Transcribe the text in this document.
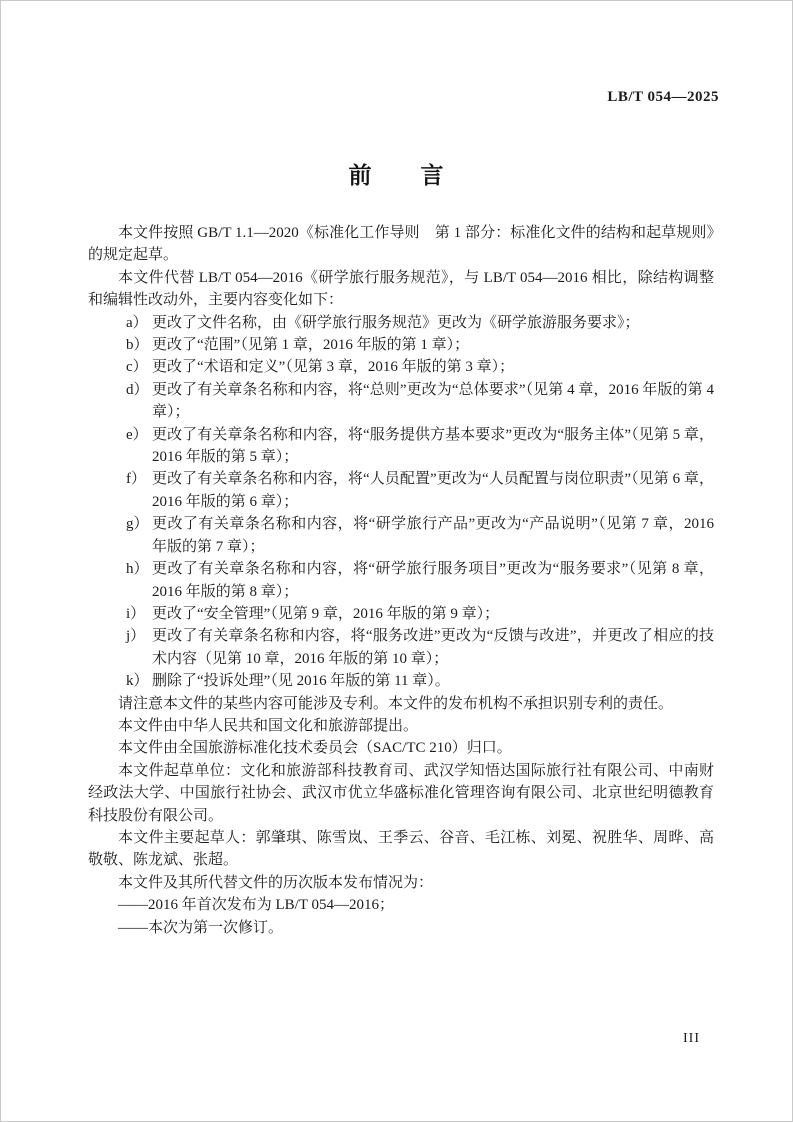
LB/T 054—2025
前　　言

本文件按照 GB/T 1.1—2020《标准化工作导则　第 1 部分：标准化文件的结构和起草规则》的规定起草。

本文件代替 LB/T 054—2016《研学旅行服务规范》，与 LB/T 054—2016 相比，除结构调整和编辑性改动外，主要内容变化如下：

a） 更改了文件名称，由《研学旅行服务规范》更改为《研学旅游服务要求》；
b） 更改了“范围”（见第 1 章，2016 年版的第 1 章）；
c） 更改了“术语和定义”（见第 3 章，2016 年版的第 3 章）；
d） 更改了有关章条名称和内容，将“总则”更改为“总体要求”（见第 4 章，2016 年版的第 4 章）；
e） 更改了有关章条名称和内容，将“服务提供方基本要求”更改为“服务主体”（见第 5 章，2016 年版的第 5 章）；
f） 更改了有关章条名称和内容，将“人员配置”更改为“人员配置与岗位职责”（见第 6 章，2016 年版的第 6 章）；
g） 更改了有关章条名称和内容，将“研学旅行产品”更改为“产品说明”（见第 7 章，2016 年版的第 7 章）；
h） 更改了有关章条名称和内容，将“研学旅行服务项目”更改为“服务要求”（见第 8 章，2016 年版的第 8 章）；
i） 更改了“安全管理”（见第 9 章，2016 年版的第 9 章）；
j） 更改了有关章条名称和内容，将“服务改进”更改为“反馈与改进”，并更改了相应的技术内容（见第 10 章，2016 年版的第 10 章）；
k） 删除了“投诉处理”（见 2016 年版的第 11 章）。

请注意本文件的某些内容可能涉及专利。本文件的发布机构不承担识别专利的责任。

本文件由中华人民共和国文化和旅游部提出。

本文件由全国旅游标准化技术委员会（SAC/TC 210）归口。

本文件起草单位：文化和旅游部科技教育司、武汉学知悟达国际旅行社有限公司、中南财经政法大学、中国旅行社协会、武汉市优立华盛标准化管理咨询有限公司、北京世纪明德教育科技股份有限公司。

本文件主要起草人：郭肇琪、陈雪岚、王季云、谷音、毛江栋、刘冕、祝胜华、周晔、高敬敬、陈龙斌、张超。

本文件及其所代替文件的历次版本发布情况为：

——2016 年首次发布为 LB/T 054—2016；

——本次为第一次修订。

III
